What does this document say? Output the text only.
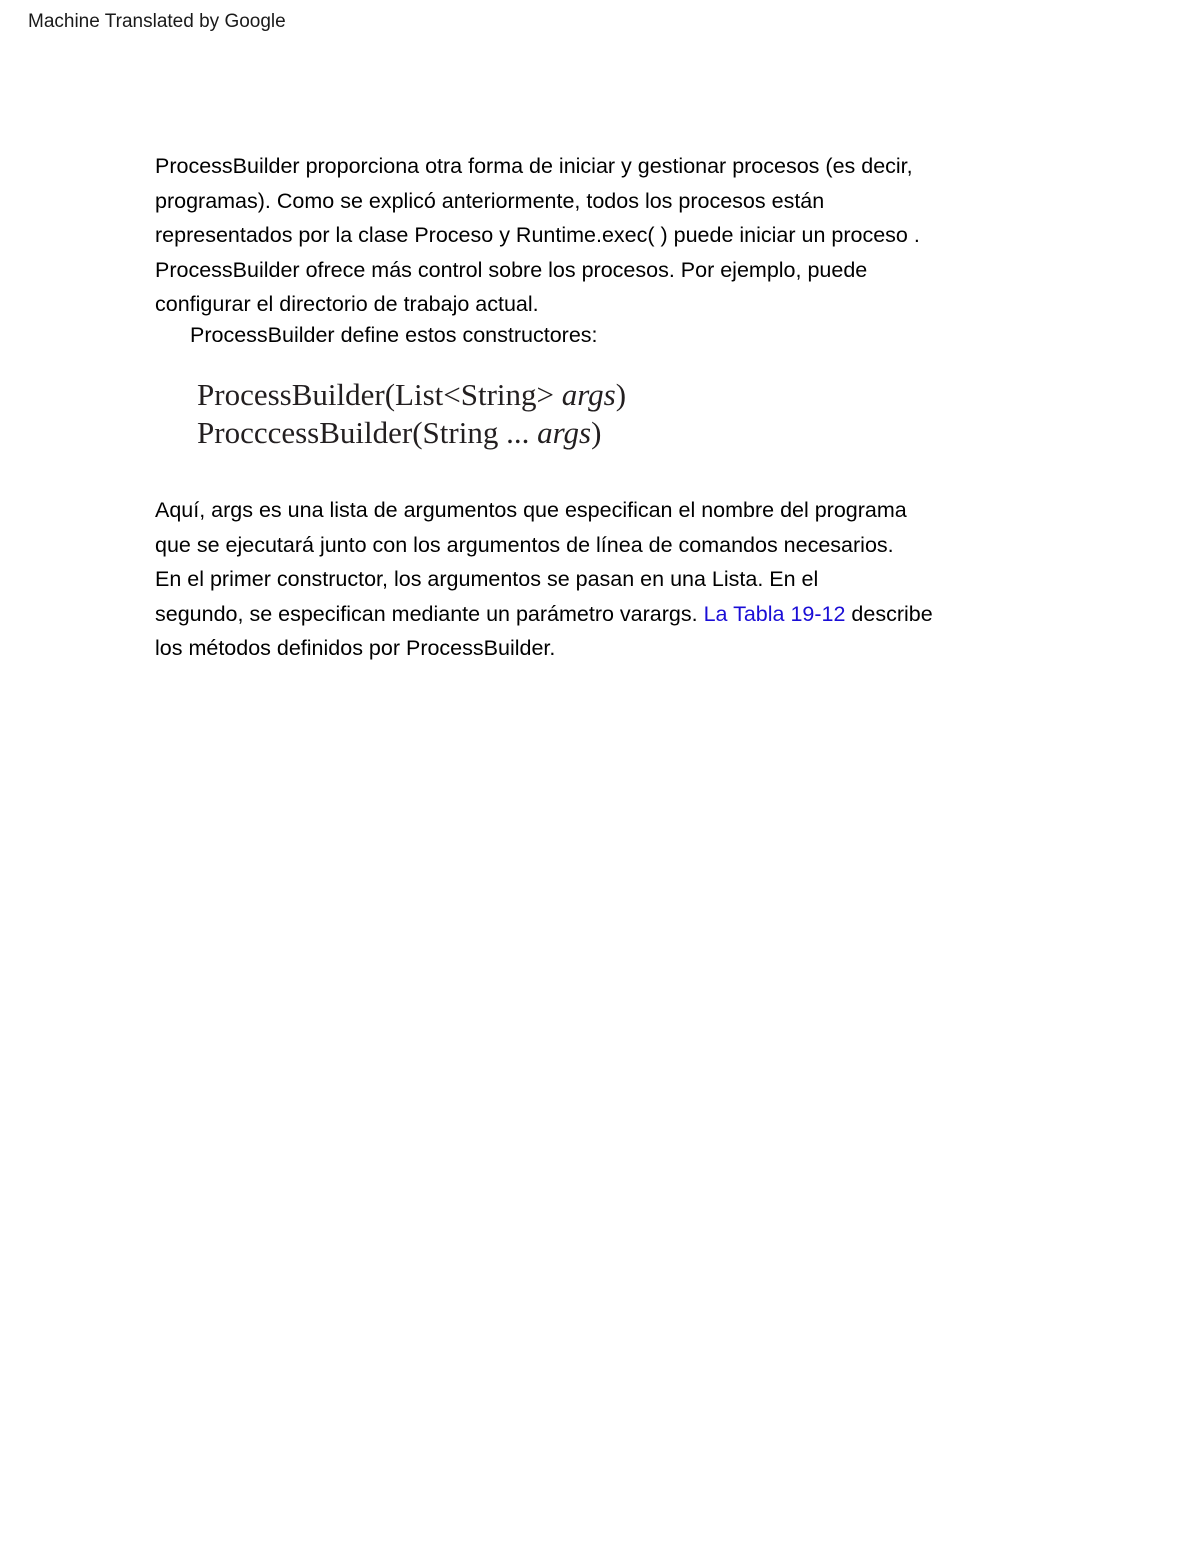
Machine Translated by Google
ProcessBuilder proporciona otra forma de iniciar y gestionar procesos (es decir,
programas). Como se explicó anteriormente, todos los procesos están
representados por la clase Proceso y Runtime.exec( ) puede iniciar un proceso .
ProcessBuilder ofrece más control sobre los procesos. Por ejemplo, puede
configurar el directorio de trabajo actual.
ProcessBuilder define estos constructores:
ProcessBuilder(List<String> args)
ProcccessBuilder(String ... args)
Aquí, args es una lista de argumentos que especifican el nombre del programa
que se ejecutará junto con los argumentos de línea de comandos necesarios.
En el primer constructor, los argumentos se pasan en una Lista. En el
segundo, se especifican mediante un parámetro varargs. La Tabla 19-12 describe
los métodos definidos por ProcessBuilder.
